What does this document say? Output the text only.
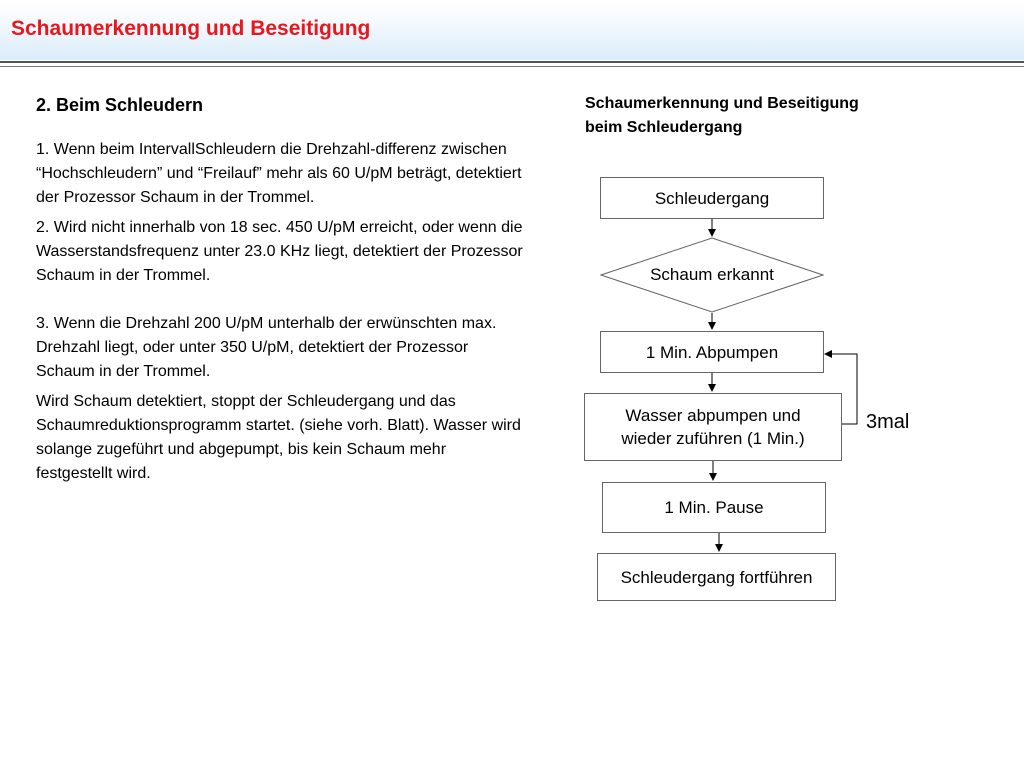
Schaumerkennung und Beseitigung
2. Beim Schleudern

1. Wenn beim IntervallSchleudern die Drehzahl-differenz zwischen “Hochschleudern” und “Freilauf” mehr als 60 U/pM beträgt, detektiert der Prozessor Schaum in der Trommel.

2. Wird nicht innerhalb von 18 sec. 450 U/pM erreicht, oder wenn die Wasserstandsfrequenz unter 23.0 KHz liegt, detektiert der Prozessor Schaum in der Trommel.

3. Wenn die Drehzahl 200 U/pM unterhalb der erwünschten max. Drehzahl liegt, oder unter 350 U/pM, detektiert der Prozessor Schaum in der Trommel.

Wird Schaum detektiert, stoppt der Schleudergang und das Schaumreduktionsprogramm startet. (siehe vorh. Blatt). Wasser wird solange zugeführt und abgepumpt, bis kein Schaum mehr festgestellt wird.

Schaumerkennung und Beseitigung
beim Schleudergang
Schleudergang
Schaum erkannt
1 Min. Abpumpen
Wasser abpumpen und
wieder zuführen (1 Min.)
1 Min. Pause
Schleudergang fortführen
3mal
